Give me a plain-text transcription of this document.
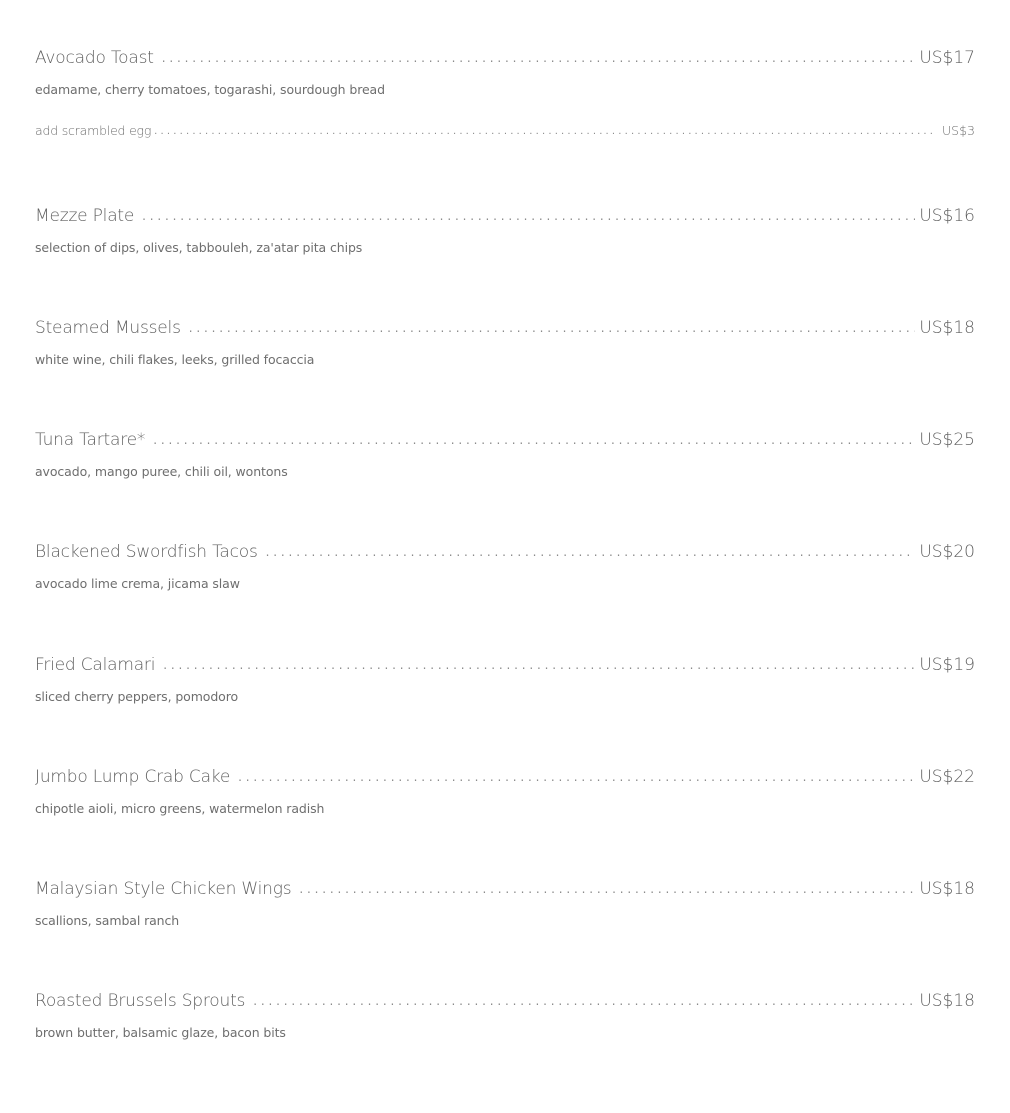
Avocado Toast . . .	US$17
edamame, cherry tomatoes, togarashi, sourdough bread
add scrambled egg . . .	US$3
Mezze Plate . . .	US$16
selection of dips, olives, tabbouleh, za'atar pita chips
Steamed Mussels . . .	US$18
white wine, chili flakes, leeks, grilled focaccia
Tuna Tartare* . . .	US$25
avocado, mango puree, chili oil, wontons
Blackened Swordfish Tacos . . .	US$20
avocado lime crema, jicama slaw
Fried Calamari . . .	US$19
sliced cherry peppers, pomodoro
Jumbo Lump Crab Cake . . .	US$22
chipotle aioli, micro greens, watermelon radish
Malaysian Style Chicken Wings . . .	US$18
scallions, sambal ranch
Roasted Brussels Sprouts . . .	US$18
brown butter, balsamic glaze, bacon bits
